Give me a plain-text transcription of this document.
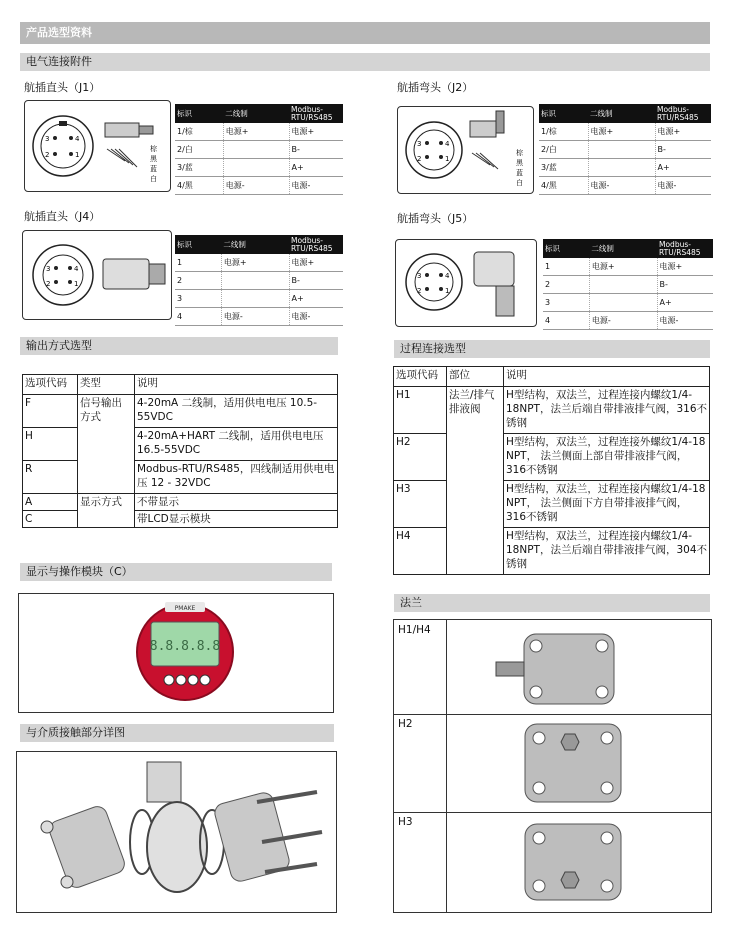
产品选型资料
电气连接附件
航插直头（J1）
3	4
2	1
棕
黑
蓝
白
标识	二线制	Modbus-RTU/RS485
1/棕	电源+	电源+
2/白		B-
3/蓝		A+
4/黑	电源-	电源-
航插弯头（J2）
3	4
2	1
棕
黑
蓝
白
标识	二线制	Modbus-RTU/RS485
1/棕	电源+	电源+
2/白		B-
3/蓝		A+
4/黑	电源-	电源-
航插直头（J4）
3	4
2	1
标识	二线制	Modbus-RTU/RS485
1	电源+	电源+
2		B-
3		A+
4	电源-	电源-
航插弯头（J5）
3	4
2	1
标识	二线制	Modbus-RTU/RS485
1	电源+	电源+
2		B-
3		A+
4	电源-	电源-
输出方式选型
选项代码	类型	说明
F	信号输出方式	4-20mA 二线制，适用供电电压 10.5-55VDC
H		4-20mA+HART 二线制，适用供电电压16.5-55VDC
R		Modbus-RTU/RS485，四线制适用供电电压 12 - 32VDC
A	显示方式	不带显示
C		带LCD显示模块
显示与操作模块（C）
PMAKE
8.8.8.8.8
与介质接触部分详图
过程连接选型
选项代码	部位	说明
H1	法兰/排气排液阀	H型结构，双法兰，过程连接内螺纹1/4-18NPT，法兰后端自带排液排气阀，316不锈钢
H2		H型结构，双法兰，过程连接外螺纹1/4-18 NPT， 法兰侧面上部自带排液排气阀，316不锈钢
H3		H型结构，双法兰，过程连接内螺纹1/4-18 NPT， 法兰侧面下方自带排液排气阀，316不锈钢
H4		H型结构，双法兰，过程连接内螺纹1/4-18NPT，法兰后端自带排液排气阀，304不锈钢
法兰
H1/H4
H2
H3
